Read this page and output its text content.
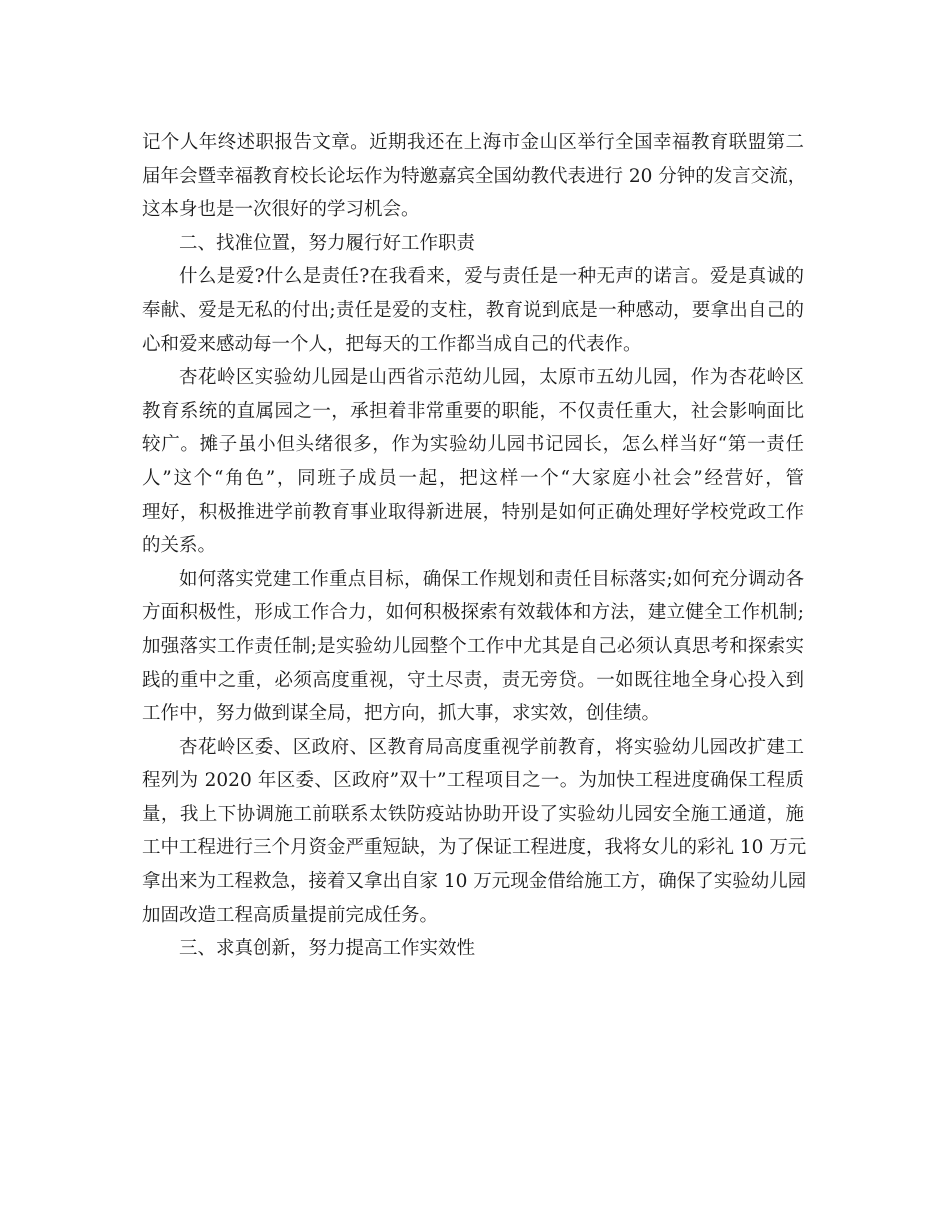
记个人年终述职报告文章。近期我还在上海市金山区举行全国幸福教育联盟第二
届年会暨幸福教育校长论坛作为特邀嘉宾全国幼教代表进行 20 分钟的发言交流，
这本身也是一次很好的学习机会。
二、找准位置，努力履行好工作职责
什么是爱?什么是责任?在我看来，爱与责任是一种无声的诺言。爱是真诚的
奉献、爱是无私的付出;责任是爱的支柱，教育说到底是一种感动，要拿出自己的
心和爱来感动每一个人，把每天的工作都当成自己的代表作。
杏花岭区实验幼儿园是山西省示范幼儿园，太原市五幼儿园，作为杏花岭区
教育系统的直属园之一，承担着非常重要的职能，不仅责任重大，社会影响面比
较广。摊子虽小但头绪很多，作为实验幼儿园书记园长，怎么样当好“第一责任
人”这个“角色”，同班子成员一起，把这样一个“大家庭小社会”经营好，管
理好，积极推进学前教育事业取得新进展，特别是如何正确处理好学校党政工作
的关系。
如何落实党建工作重点目标，确保工作规划和责任目标落实;如何充分调动各
方面积极性，形成工作合力，如何积极探索有效载体和方法，建立健全工作机制;
加强落实工作责任制;是实验幼儿园整个工作中尤其是自己必须认真思考和探索实
践的重中之重，必须高度重视，守土尽责，责无旁贷。一如既往地全身心投入到
工作中，努力做到谋全局，把方向，抓大事，求实效，创佳绩。
杏花岭区委、区政府、区教育局高度重视学前教育，将实验幼儿园改扩建工
程列为 2020 年区委、区政府”双十”工程项目之一。为加快工程进度确保工程质
量，我上下协调施工前联系太铁防疫站协助开设了实验幼儿园安全施工通道，施
工中工程进行三个月资金严重短缺，为了保证工程进度，我将女儿的彩礼 10 万元
拿出来为工程救急，接着又拿出自家 10 万元现金借给施工方，确保了实验幼儿园
加固改造工程高质量提前完成任务。
三、求真创新，努力提高工作实效性
